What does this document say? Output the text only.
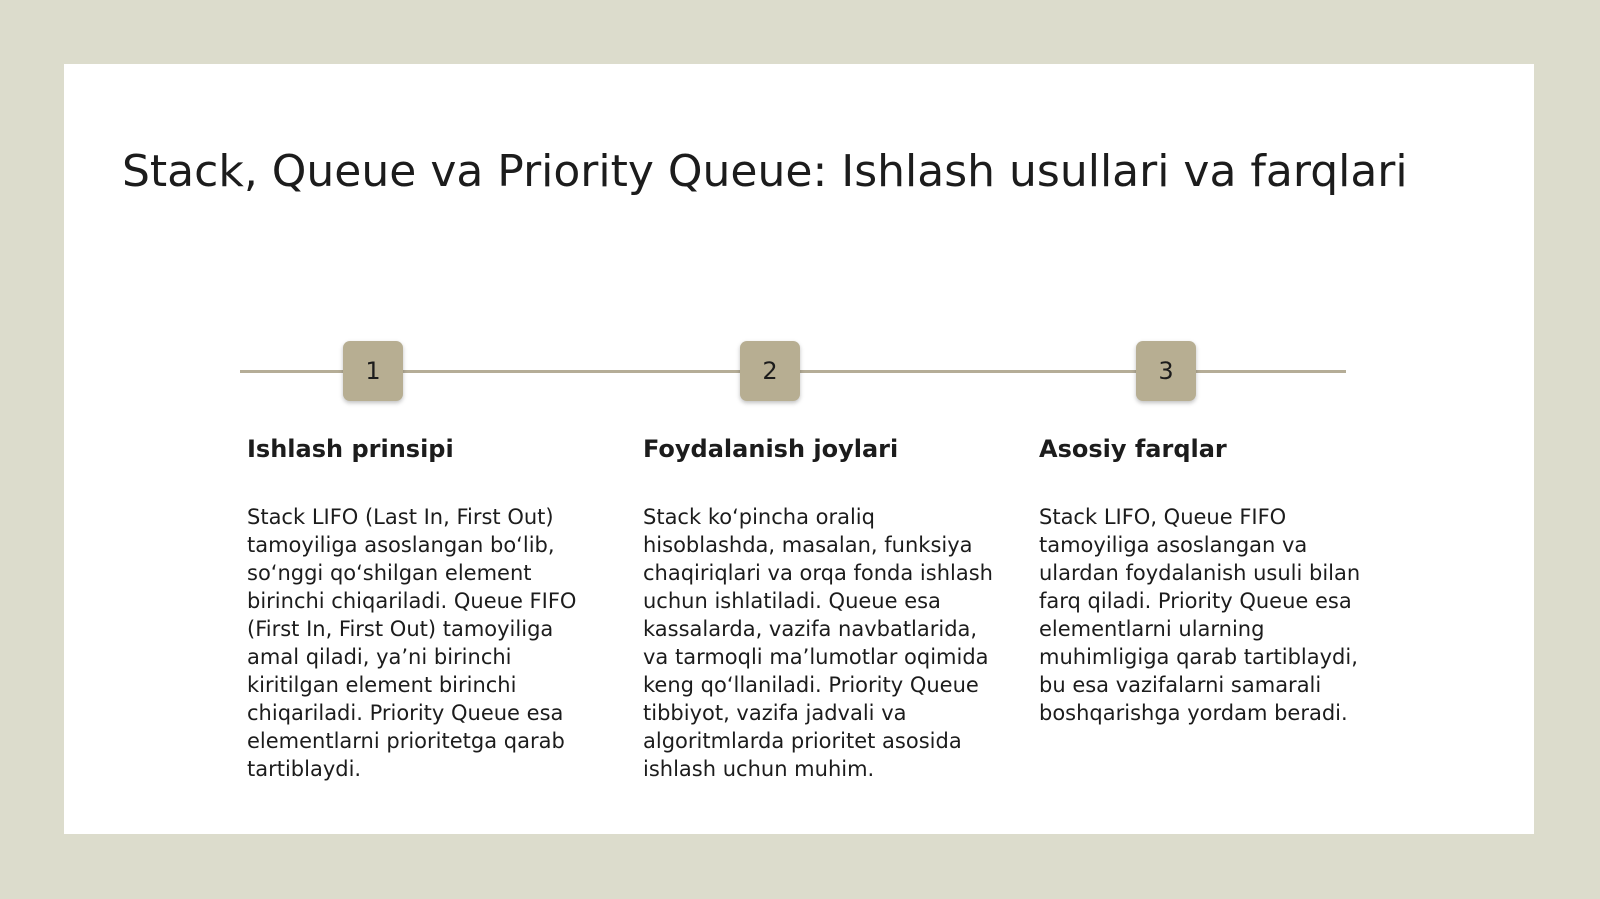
Stack, Queue va Priority Queue: Ishlash usullari va farqlari
1	2	3
Ishlash prinsipi

Stack LIFO (Last In, First Out) tamoyiliga asoslangan bo‘lib, so‘nggi qo‘shilgan element birinchi chiqariladi. Queue FIFO (First In, First Out) tamoyiliga amal qiladi, ya’ni birinchi kiritilgan element birinchi chiqariladi. Priority Queue esa elementlarni prioritetga qarab tartiblaydi.

Foydalanish joylari

Stack ko‘pincha oraliq hisoblashda, masalan, funksiya chaqiriqlari va orqa fonda ishlash uchun ishlatiladi. Queue esa kassalarda, vazifa navbatlarida, va tarmoqli ma’lumotlar oqimida keng qo‘llaniladi. Priority Queue tibbiyot, vazifa jadvali va algoritmlarda prioritet asosida ishlash uchun muhim.

Asosiy farqlar

Stack LIFO, Queue FIFO tamoyiliga asoslangan va ulardan foydalanish usuli bilan farq qiladi. Priority Queue esa elementlarni ularning muhimligiga qarab tartiblaydi, bu esa vazifalarni samarali boshqarishga yordam beradi.
